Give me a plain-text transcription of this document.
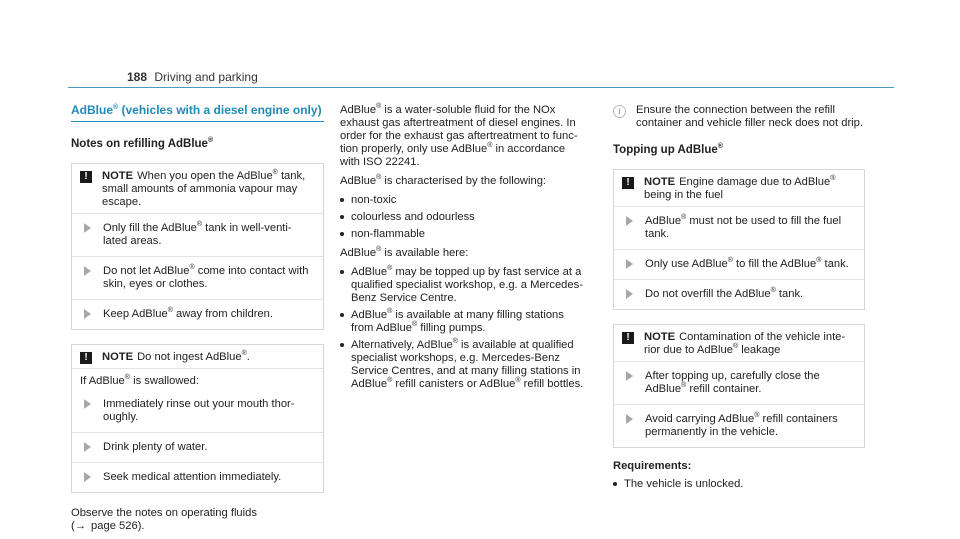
188 Driving and parking
AdBlue® (vehicles with a diesel engine only)
Notes on refilling AdBlue®
!	NOTE When you open the AdBlue® tank, small amounts of ammonia vapour may escape.
Only fill the AdBlue® tank in well-venti-lated areas.
Do not let AdBlue® come into contact with skin, eyes or clothes.
Keep AdBlue® away from children.
!	NOTE Do not ingest AdBlue®.
If AdBlue® is swallowed:
Immediately rinse out your mouth thor-oughly.
Drink plenty of water.
Seek medical attention immediately.

Observe the notes on operating fluids
(→ page 526).

AdBlue® is a water-soluble fluid for the NOx exhaust gas aftertreatment of diesel engines. In order for the exhaust gas aftertreatment to func-tion properly, only use AdBlue® in accordance with ISO 22241.

AdBlue® is characterised by the following:

non-toxic
colourless and odourless
non-flammable

AdBlue® is available here:

AdBlue® may be topped up by fast service at a qualified specialist workshop, e.g. a Mercedes-Benz Service Centre.
AdBlue® is available at many filling stations from AdBlue® filling pumps.
Alternatively, AdBlue® is available at qualified specialist workshops, e.g. Mercedes-Benz Service Centres, and at many filling stations in AdBlue® refill canisters or AdBlue® refill bottles.
i	Ensure the connection between the refill container and vehicle filler neck does not drip.
Topping up AdBlue®
!	NOTE Engine damage due to AdBlue® being in the fuel
AdBlue® must not be used to fill the fuel tank.
Only use AdBlue® to fill the AdBlue® tank.
Do not overfill the AdBlue® tank.
!	NOTE Contamination of the vehicle inte-rior due to AdBlue® leakage
After topping up, carefully close the AdBlue® refill container.
Avoid carrying AdBlue® refill containers permanently in the vehicle.
Requirements:
The vehicle is unlocked.
